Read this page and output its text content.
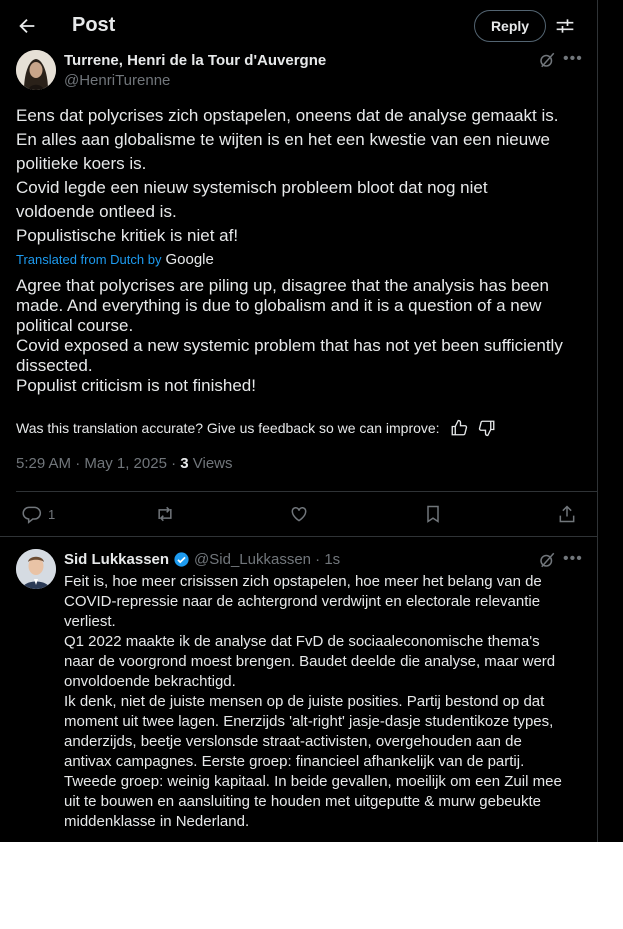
Post	Reply
Turrene, Henri de la Tour d'Auvergne
@HenriTurenne
•••

Eens dat polycrises zich opstapelen, oneens dat de analyse gemaakt is.

En alles aan globalisme te wijten is en het een kwestie van een nieuwe

politieke koers is.

Covid legde een nieuw systemisch probleem bloot dat nog niet

voldoende ontleed is.

Populistische kritiek is niet af!

Translated from Dutch by Google
Agree that polycrises are piling up, disagree that the analysis has been made. And everything is due to globalism and it is a question of a new political course.
Covid exposed a new systemic problem that has not yet been sufficiently dissected.
Populist criticism is not finished!
Was this translation accurate? Give us feedback so we can improve:
5:29 AM · May 1, 2025 · 3 Views
1
Sid Lukkassen @Sid_Lukkassen · 1s	•••

Feit is, hoe meer crisissen zich opstapelen, hoe meer het belang van de

COVID-repressie naar de achtergrond verdwijnt en electorale relevantie

verliest.

Q1 2022 maakte ik de analyse dat FvD de sociaaleconomische thema's

naar de voorgrond moest brengen. Baudet deelde die analyse, maar werd

onvoldoende bekrachtigd.

Ik denk, niet de juiste mensen op de juiste posities. Partij bestond op dat

moment uit twee lagen. Enerzijds 'alt-right' jasje-dasje studentikoze types,

anderzijds, beetje verslonsde straat-activisten, overgehouden aan de

antivax campagnes. Eerste groep: financieel afhankelijk van de partij.

Tweede groep: weinig kapitaal. In beide gevallen, moeilijk om een Zuil mee

uit te bouwen en aansluiting te houden met uitgeputte & murw gebeukte

middenklasse in Nederland.
